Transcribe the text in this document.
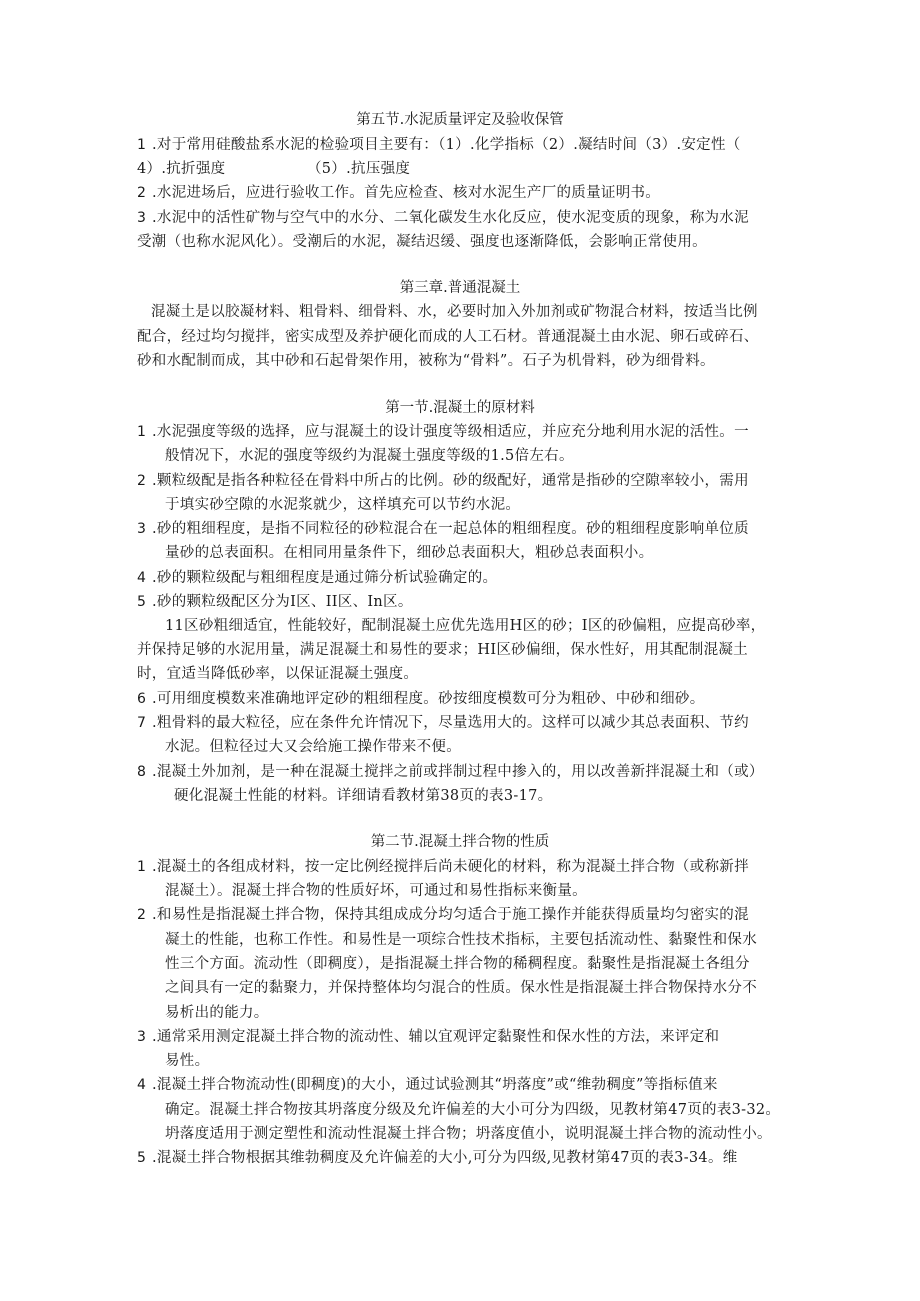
第五节.水泥质量评定及验收保管
1 .对于常用硅酸盐系水泥的检验项目主要有：（1）.化学指标（2）.凝结时间（3）.安定性（
4）.抗折强度　　　　　　（5）.抗压强度
2 .水泥进场后，应进行验收工作。首先应检查、核对水泥生产厂的质量证明书。
3 .水泥中的活性矿物与空气中的水分、二氧化碳发生水化反应，使水泥变质的现象，称为水泥
受潮（也称水泥风化）。受潮后的水泥，凝结迟缓、强度也逐渐降低，会影响正常使用。
第三章.普通混凝土
混凝土是以胶凝材料、粗骨料、细骨料、水，必要时加入外加剂或矿物混合材料，按适当比例
配合，经过均匀搅拌，密实成型及养护硬化而成的人工石材。普通混凝土由水泥、卵石或碎石、
砂和水配制而成，其中砂和石起骨架作用，被称为“骨料”。石子为机骨料，砂为细骨料。
第一节.混凝土的原材料
1 .水泥强度等级的选择，应与混凝土的设计强度等级相适应，并应充分地利用水泥的活性。一
般情况下，水泥的强度等级约为混凝土强度等级的1.5倍左右。
2 .颗粒级配是指各种粒径在骨料中所占的比例。砂的级配好，通常是指砂的空隙率较小，需用
于填实砂空隙的水泥浆就少，这样填充可以节约水泥。
3 .砂的粗细程度，是指不同粒径的砂粒混合在一起总体的粗细程度。砂的粗细程度影响单位质
量砂的总表面积。在相同用量条件下，细砂总表面积大，粗砂总表面积小。
4 .砂的颗粒级配与粗细程度是通过筛分析试验确定的。
5 .砂的颗粒级配区分为Ⅰ区、ΙΙ区、In区。
11区砂粗细适宜，性能较好，配制混凝土应优先选用H区的砂；Ⅰ区的砂偏粗，应提高砂率，
并保持足够的水泥用量，满足混凝土和易性的要求；HI区砂偏细，保水性好，用其配制混凝土
时，宜适当降低砂率，以保证混凝土强度。
6 .可用细度模数来准确地评定砂的粗细程度。砂按细度模数可分为粗砂、中砂和细砂。
7 .粗骨料的最大粒径，应在条件允许情况下，尽量选用大的。这样可以减少其总表面积、节约
水泥。但粒径过大又会给施工操作带来不便。
8 .混凝土外加剂，是一种在混凝土搅拌之前或拌制过程中掺入的，用以改善新拌混凝土和（或）
硬化混凝土性能的材料。详细请看教材第38页的表3-17。
第二节.混凝土拌合物的性质
1 .混凝土的各组成材料，按一定比例经搅拌后尚未硬化的材料，称为混凝土拌合物（或称新拌
混凝土）。混凝土拌合物的性质好坏，可通过和易性指标来衡量。
2 .和易性是指混凝土拌合物，保持其组成成分均匀适合于施工操作并能获得质量均匀密实的混
凝土的性能，也称工作性。和易性是一项综合性技术指标，主要包括流动性、黏聚性和保水
性三个方面。流动性（即稠度），是指混凝土拌合物的稀稠程度。黏聚性是指混凝土各组分
之间具有一定的黏聚力，并保持整体均匀混合的性质。保水性是指混凝土拌合物保持水分不
易析出的能力。
3 .通常采用测定混凝土拌合物的流动性、辅以宜观评定黏聚性和保水性的方法，来评定和
易性。
4 .混凝土拌合物流动性(即稠度)的大小，通过试验测其“坍落度”或“维勃稠度”等指标值来
确定。混凝土拌合物按其坍落度分级及允许偏差的大小可分为四级，见教材第47页的表3-32。
坍落度适用于测定塑性和流动性混凝土拌合物；坍落度值小，说明混凝土拌合物的流动性小。
5 .混凝土拌合物根据其维勃稠度及允许偏差的大小,可分为四级,见教材第47页的表3-34。维
